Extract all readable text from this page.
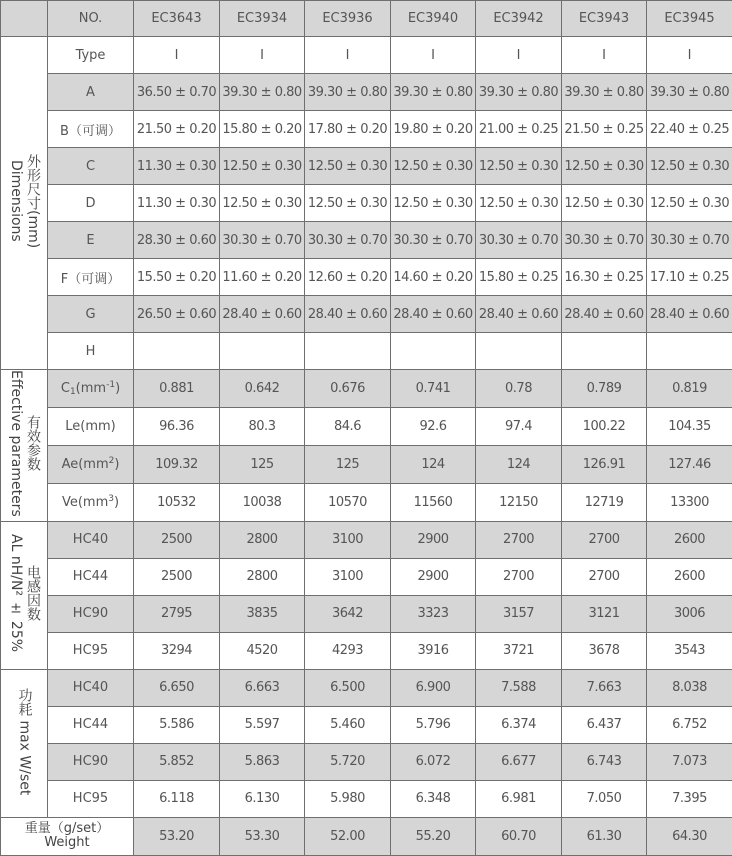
	NO.	EC3643	EC3934	EC3936	EC3940	EC3942	EC3943	EC3945
外形尺寸(mm)
Dimensions	Type	I	I	I	I	I	I	I
	A	36.50 ± 0.70	39.30 ± 0.80	39.30 ± 0.80	39.30 ± 0.80	39.30 ± 0.80	39.30 ± 0.80	39.30 ± 0.80
	B（可调）	21.50 ± 0.20	15.80 ± 0.20	17.80 ± 0.20	19.80 ± 0.20	21.00 ± 0.25	21.50 ± 0.25	22.40 ± 0.25
	C	11.30 ± 0.30	12.50 ± 0.30	12.50 ± 0.30	12.50 ± 0.30	12.50 ± 0.30	12.50 ± 0.30	12.50 ± 0.30
	D	11.30 ± 0.30	12.50 ± 0.30	12.50 ± 0.30	12.50 ± 0.30	12.50 ± 0.30	12.50 ± 0.30	12.50 ± 0.30
	E	28.30 ± 0.60	30.30 ± 0.70	30.30 ± 0.70	30.30 ± 0.70	30.30 ± 0.70	30.30 ± 0.70	30.30 ± 0.70
	F（可调）	15.50 ± 0.20	11.60 ± 0.20	12.60 ± 0.20	14.60 ± 0.20	15.80 ± 0.25	16.30 ± 0.25	17.10 ± 0.25
	G	26.50 ± 0.60	28.40 ± 0.60	28.40 ± 0.60	28.40 ± 0.60	28.40 ± 0.60	28.40 ± 0.60	28.40 ± 0.60
	H							
有效参数
Effective parameters	$C_1(mm^{-1})$	0.881	0.642	0.676	0.741	0.78	0.789	0.819
	Le(mm)	96.36	80.3	84.6	92.6	97.4	100.22	104.35
	$Ae(mm^2)$	109.32	125	125	124	124	126.91	127.46
	$Ve(mm^3)$	10532	10038	10570	11560	12150	12719	13300
电感因数
AL nH/N² ± 25%	HC40	2500	2800	3100	2900	2700	2700	2600
	HC44	2500	2800	3100	2900	2700	2700	2600
	HC90	2795	3835	3642	3323	3157	3121	3006
	HC95	3294	4520	4293	3916	3721	3678	3543
功耗 max W/set	HC40	6.650	6.663	6.500	6.900	7.588	7.663	8.038
	HC44	5.586	5.597	5.460	5.796	6.374	6.437	6.752
	HC90	5.852	5.863	5.720	6.072	6.677	6.743	7.073
	HC95	6.118	6.130	5.980	6.348	6.981	7.050	7.395

重量（g/set）
Weight		53.20	53.30	52.00	55.20	60.70	61.30	64.30
